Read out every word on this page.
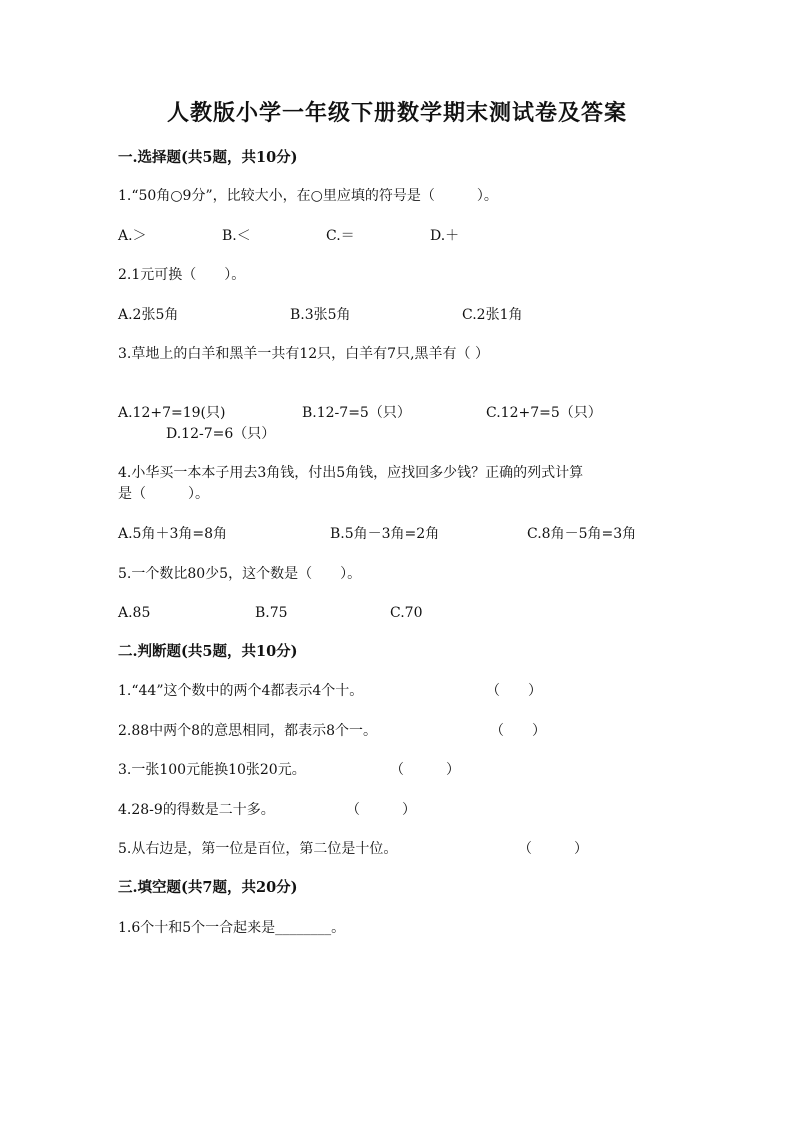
人教版小学一年级下册数学期末测试卷及答案
一.选择题(共5题，共10分)
1.“50角○9分”，比较大小，在○里应填的符号是（　　　）。
A.＞	B.＜	C.＝	D.＋
2.1元可换（　　）。
A.2张5角	B.3张5角	C.2张1角
3.草地上的白羊和黑羊一共有12只，白羊有7只,黑羊有（ ）
A.12+7=19(只)	B.12-7=5（只）	C.12+7=5（只）
D.12-7=6（只）
4.小华买一本本子用去3角钱，付出5角钱，应找回多少钱？正确的列式计算
是（　　　）。
A.5角＋3角=8角	B.5角－3角=2角	C.8角－5角=3角
5.一个数比80少5，这个数是（　　）。
A.85	B.75	C.70
二.判断题(共5题，共10分)
1.“44”这个数中的两个4都表示4个十。	（　　）
2.88中两个8的意思相同，都表示8个一。	（　　）
3.一张100元能换10张20元。	（　　　）
4.28-9的得数是二十多。	（　　　）
5.从右边是，第一位是百位，第二位是十位。	（　　　）
三.填空题(共7题，共20分)
1.6个十和5个一合起来是________。
